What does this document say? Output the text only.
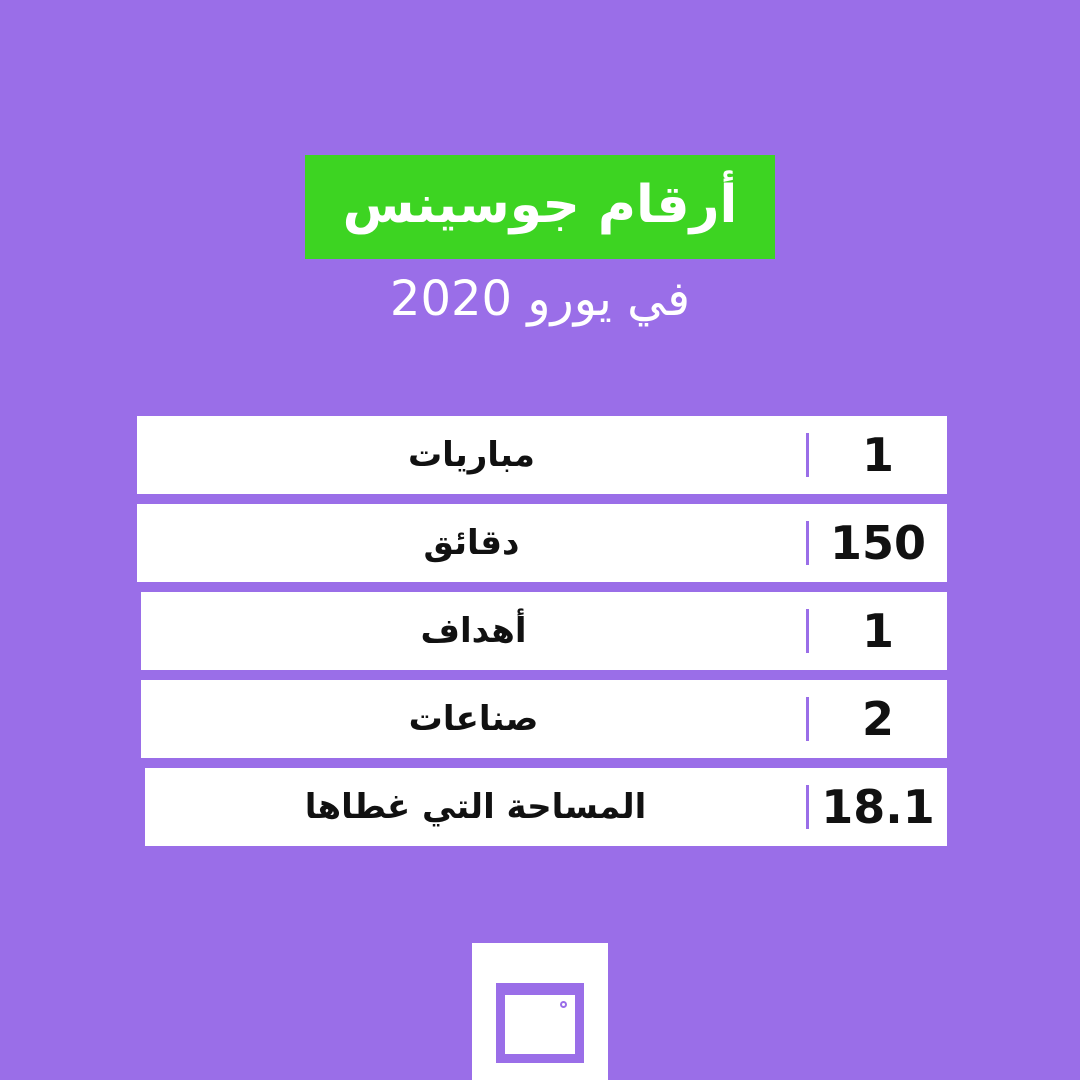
أرقام جوسينس
في يورو 2020
1
مباريات
150
دقائق
1
أهداف
2
صناعات
18.1
المساحة التي غطاها
